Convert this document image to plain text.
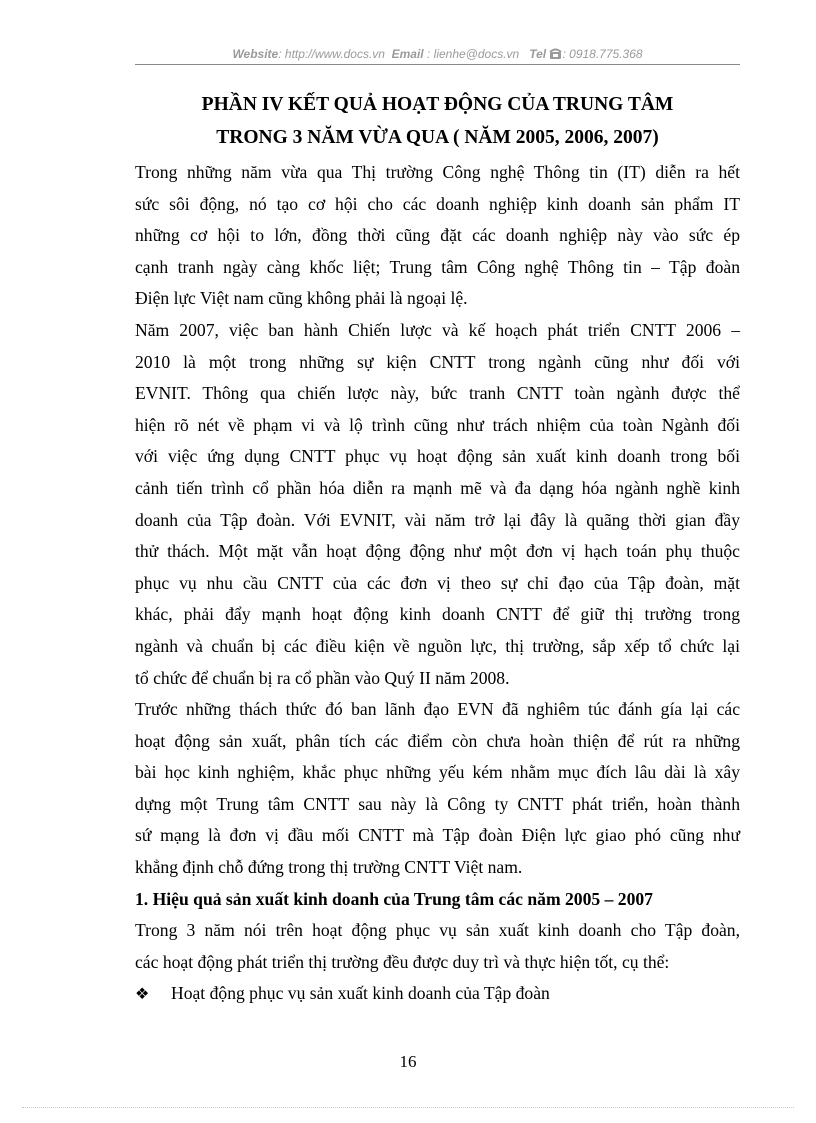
Website: http://www.docs.vn Email : lienhe@docs.vn Tel : 0918.775.368
PHẦN IV KẾT QUẢ HOẠT ĐỘNG CỦA TRUNG TÂM
TRONG 3 NĂM VỪA QUA ( NĂM 2005, 2006, 2007)

Trong những năm vừa qua Thị trường Công nghệ Thông tin (IT) diễn ra hết
sức sôi động, nó tạo cơ hội cho các doanh nghiệp kinh doanh sản phẩm IT
những cơ hội to lớn, đồng thời cũng đặt các doanh nghiệp này vào sức ép
cạnh tranh ngày càng khốc liệt; Trung tâm Công nghệ Thông tin – Tập đoàn
Điện lực Việt nam cũng không phải là ngoại lệ.

Năm 2007, việc ban hành Chiến lược và kế hoạch phát triển CNTT 2006 –
2010 là một trong những sự kiện CNTT trong ngành cũng như đối với
EVNIT. Thông qua chiến lược này, bức tranh CNTT toàn ngành được thể
hiện rõ nét về phạm vi và lộ trình cũng như trách nhiệm của toàn Ngành đối
với việc ứng dụng CNTT phục vụ hoạt động sản xuất kinh doanh trong bối
cảnh tiến trình cổ phần hóa diễn ra mạnh mẽ và đa dạng hóa ngành nghề kinh
doanh của Tập đoàn. Với EVNIT, vài năm trở lại đây là quãng thời gian đầy
thử thách. Một mặt vẫn hoạt động động như một đơn vị hạch toán phụ thuộc
phục vụ nhu cầu CNTT của các đơn vị theo sự chỉ đạo của Tập đoàn, mặt
khác, phải đẩy mạnh hoạt động kinh doanh CNTT để giữ thị trường trong
ngành và chuẩn bị các điều kiện về nguồn lực, thị trường, sắp xếp tổ chức lại
tổ chức để chuẩn bị ra cổ phần vào Quý II năm 2008.

Trước những thách thức đó ban lãnh đạo EVN đã nghiêm túc đánh gía lại các
hoạt động sản xuất, phân tích các điểm còn chưa hoàn thiện để rút ra những
bài học kinh nghiệm, khắc phục những yếu kém nhằm mục đích lâu dài là xây
dựng một Trung tâm CNTT sau này là Công ty CNTT phát triển, hoàn thành
sứ mạng là đơn vị đầu mối CNTT mà Tập đoàn Điện lực giao phó cũng như
khẳng định chỗ đứng trong thị trường CNTT Việt nam.

1. Hiệu quả sản xuất kinh doanh của Trung tâm các năm 2005 – 2007

Trong 3 năm nói trên hoạt động phục vụ sản xuất kinh doanh cho Tập đoàn,
các hoạt động phát triển thị trường đều được duy trì và thực hiện tốt, cụ thể:

❖ Hoạt động phục vụ sản xuất kinh doanh của Tập đoàn
16
